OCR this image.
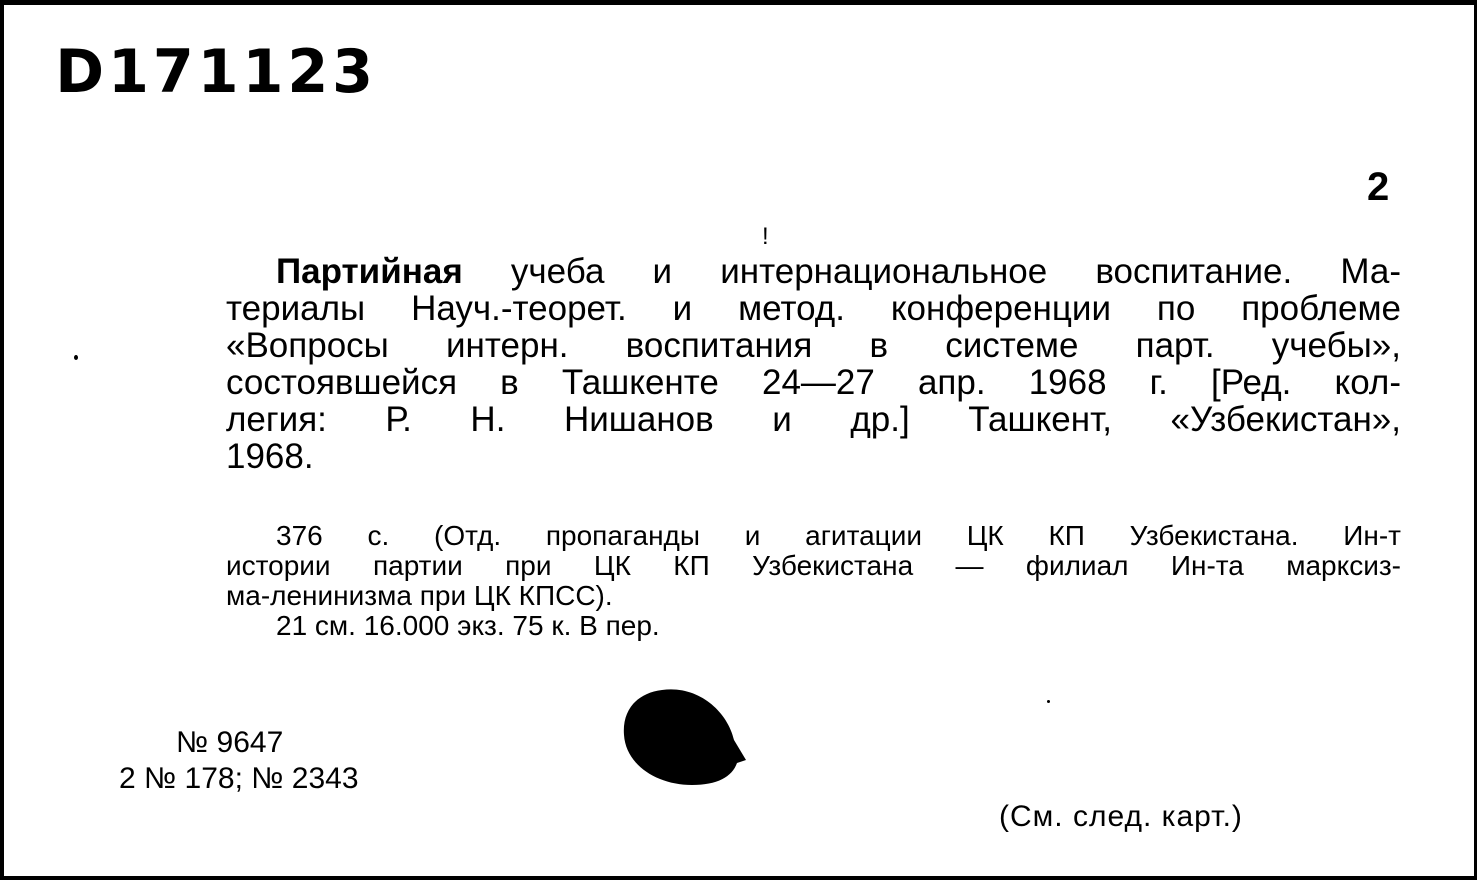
D171123
2
!
Партийная учеба и интернациональное воспитание. Ма-
териалы Науч.-теорет. и метод. конференции по проблеме
«Вопросы интерн. воспитания в системе парт. учебы»,
состоявшейся в Ташкенте 24—27 апр. 1968 г. [Ред. кол-
легия: Р. Н. Нишанов и др.] Ташкент, «Узбекистан»,
1968.
376 с. (Отд. пропаганды и агитации ЦК КП Узбекистана. Ин-т
истории партии при ЦК КП Узбекистана — филиал Ин-та марксиз-
ма-ленинизма при ЦК КПСС).
21 см. 16.000 экз. 75 к. В пер.
№ 9647
2 № 178; № 2343
(См. след. карт.)
